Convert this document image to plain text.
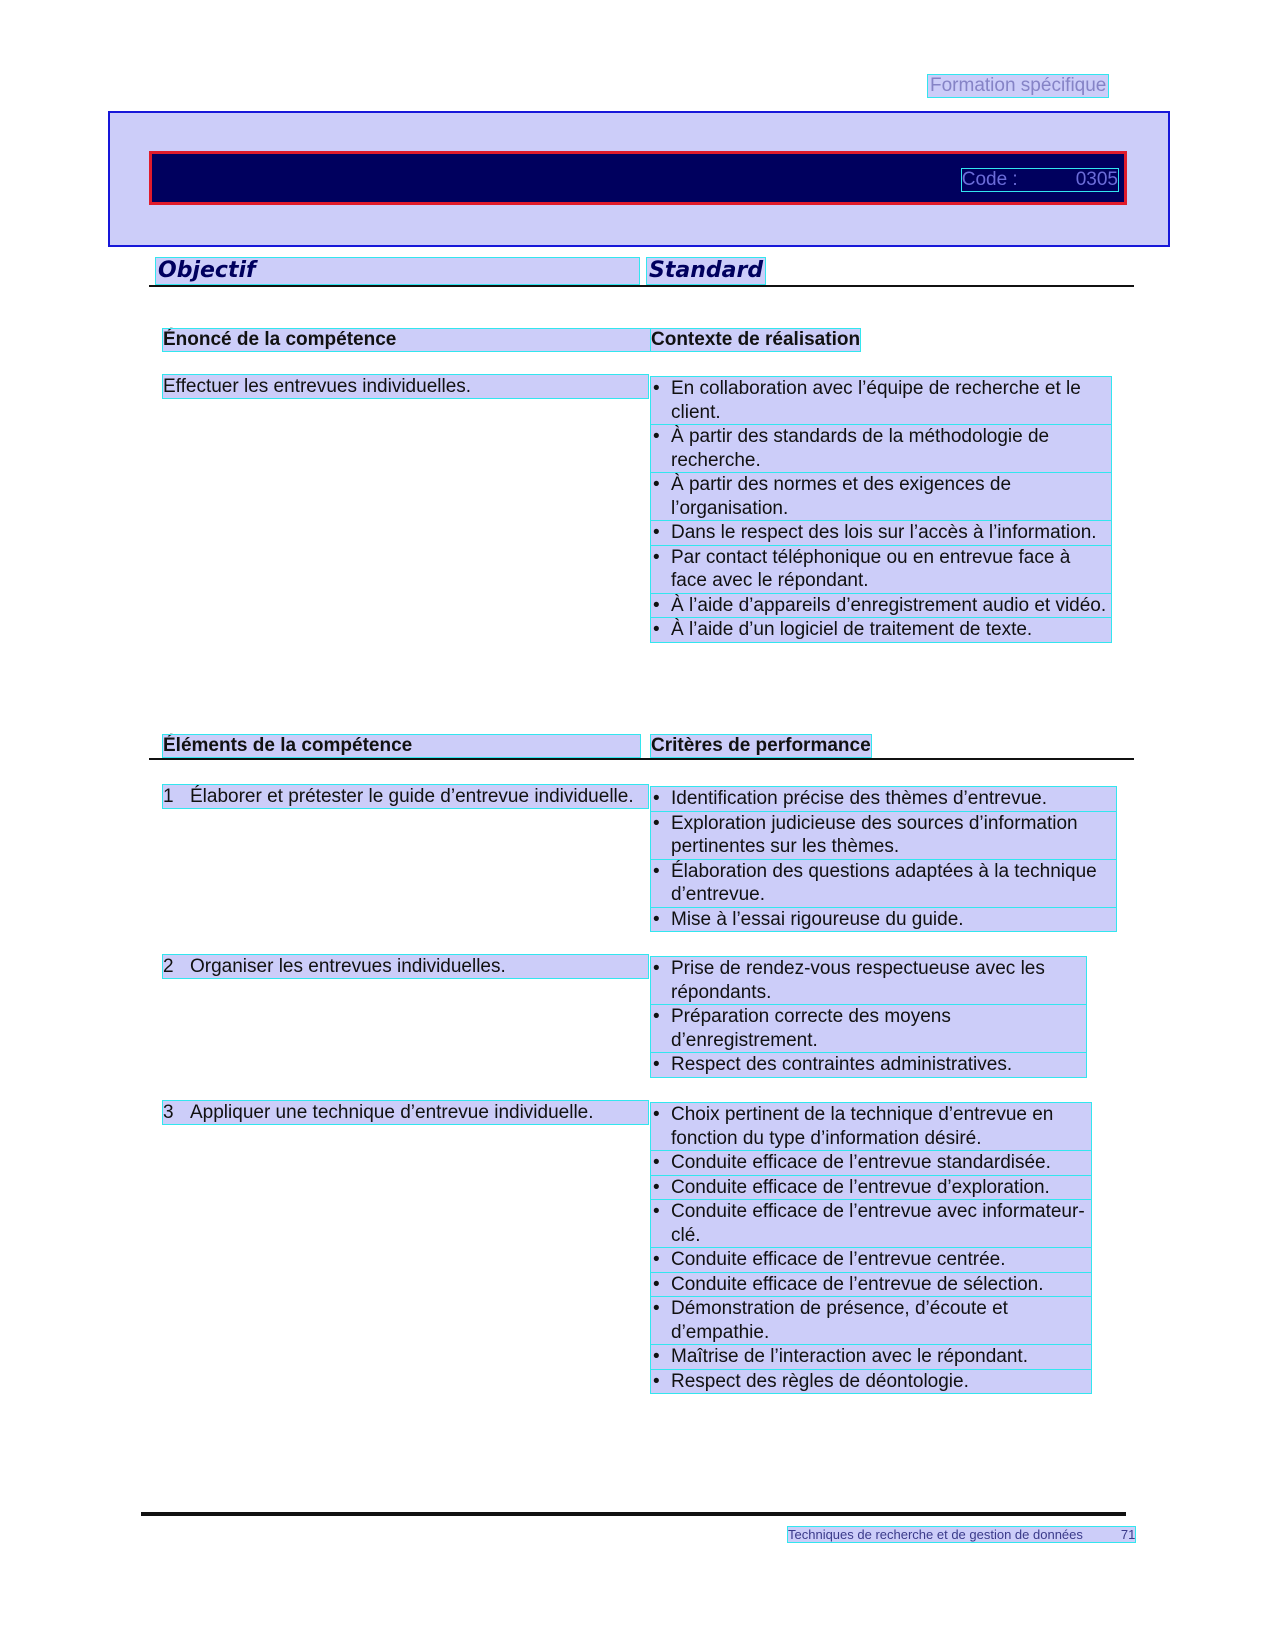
Formation spécifique
Code :	0305
Objectif	Standard
Énoncé de la compétence	Contexte de réalisation
Effectuer les entrevues individuelles.	• En collaboration avec l’équipe de recherche et le client.
• À partir des standards de la méthodologie de recherche.
• À partir des normes et des exigences de l’organisation.
• Dans le respect des lois sur l’accès à l’information.
• Par contact téléphonique ou en entrevue face à face avec le répondant.
• À l’aide d’appareils d’enregistrement audio et vidéo.
• À l’aide d’un logiciel de traitement de texte.
Éléments de la compétence	Critères de performance
1 Élaborer et prétester le guide d’entrevue individuelle.	• Identification précise des thèmes d’entrevue.
• Exploration judicieuse des sources d’information pertinentes sur les thèmes.
• Élaboration des questions adaptées à la technique d’entrevue.
• Mise à l’essai rigoureuse du guide.
2 Organiser les entrevues individuelles.	• Prise de rendez-vous respectueuse avec les répondants.
• Préparation correcte des moyens d’enregistrement.
• Respect des contraintes administratives.
3 Appliquer une technique d’entrevue individuelle.	• Choix pertinent de la technique d’entrevue en fonction du type d’information désiré.
• Conduite efficace de l’entrevue standardisée.
• Conduite efficace de l’entrevue d’exploration.
• Conduite efficace de l’entrevue avec informateur-clé.
• Conduite efficace de l’entrevue centrée.
• Conduite efficace de l’entrevue de sélection.
• Démonstration de présence, d’écoute et d’empathie.
• Maîtrise de l’interaction avec le répondant.
• Respect des règles de déontologie.
Techniques de recherche et de gestion de données	71
